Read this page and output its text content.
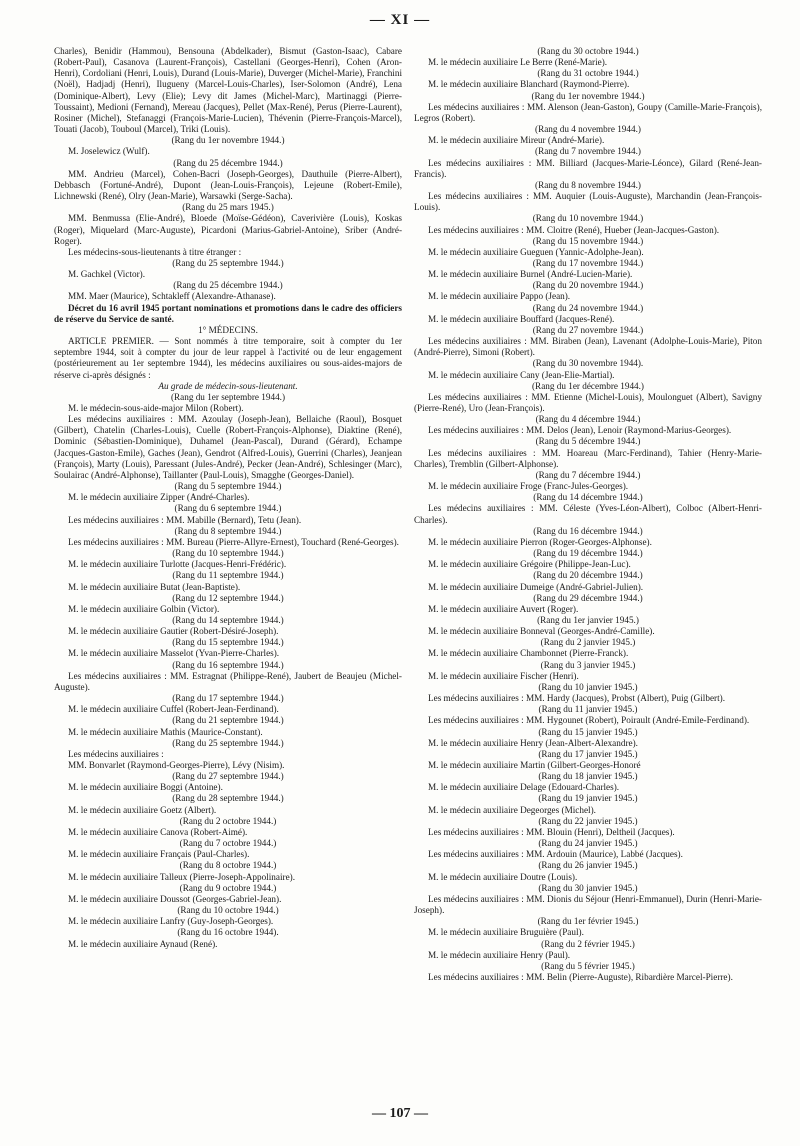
— XI —

Charles), Benidir (Hammou), Bensouna (Abdelkader), Bismut (Gaston-Isaac), Cabare (Robert-Paul), Casanova (Laurent-François), Castellani (Georges-Henri), Cohen (Aron-Henri), Cordoliani (Henri, Louis), Durand (Louis-Marie), Duverger (Michel-Marie), Franchini (Noël), Hadjadj (Henri), Iluguenу (Marcel-Louis-Charles), Iser-Solomon (André), Lena (Dominique-Albert), Levy (Elie); Levy dit James (Michel-Marc), Martinaggi (Pierre-Toussaint), Medioni (Fernand), Mereau (Jacques), Pellet (Max-René), Perus (Pierre-Laurent), Rosiner (Michel), Stefanaggi (François-Marie-Lucien), Thévenin (Pierre-François-Marcel), Touati (Jacob), Touboul (Marcel), Triki (Louis).

(Rang du 1er novembre 1944.)

M. Joselewicz (Wulf).

(Rang du 25 décembre 1944.)

MM. Andrieu (Marcel), Cohen-Bacri (Joseph-Georges), Dauthuile (Pierre-Albert), Debbasch (Fortuné-André), Dupont (Jean-Louis-François), Lejeune (Robert-Emile), Lichnewski (René), Olry (Jean-Marie), Warsawki (Serge-Sacha).

(Rang du 25 mars 1945.)

MM. Benmussa (Elie-André), Bloede (Moïse-Gédéon), Caverivière (Louis), Koskas (Roger), Miquelard (Marc-Auguste), Picardoni (Marius-Gabriel-Antoine), Sriber (André-Roger).

Les médecins-sous-lieutenants à titre étranger :

(Rang du 25 septembre 1944.)

M. Gachkel (Victor).

(Rang du 25 décembre 1944.)

MM. Maer (Maurice), Schtakleff (Alexandre-Athanase).

Décret du 16 avril 1945 portant nominations et promotions dans le cadre des officiers de réserve du Service de santé.

1° MÉDECINS.

ARTICLE PREMIER. — Sont nommés à titre temporaire, soit à compter du 1er septembre 1944, soit à compter du jour de leur rappel à l'activité ou de leur engagement (postérieurement au 1er septembre 1944), les médecins auxiliaires ou sous-aides-majors de réserve ci-après désignés :

Au grade de médecin-sous-lieutenant.

(Rang du 1er septembre 1944.)

M. le médecin-sous-aide-major Milon (Robert).

Les médecins auxiliaires : MM. Azoulay (Joseph-Jean), Bellaiche (Raoul), Bosquet (Gilbert), Chatelin (Charles-Louis), Cuelle (Robert-François-Alphonse), Diaktine (René), Dominic (Sébastien-Dominique), Duhamel (Jean-Pascal), Durand (Gérard), Echampe (Jacques-Gaston-Emile), Gaches (Jean), Gendrot (Alfred-Louis), Guerrini (Charles), Jeanjean (François), Marty (Louis), Paressant (Jules-André), Pecker (Jean-André), Schlesinger (Marc), Soulairac (André-Alphonse), Taillanter (Paul-Louis), Smagghe (Georges-Daniel).

(Rang du 5 septembre 1944.)

M. le médecin auxiliaire Zipper (André-Charles).

(Rang du 6 septembre 1944.)

Les médecins auxiliaires : MM. Mabille (Bernard), Tetu (Jean).

(Rang du 8 septembre 1944.)

Les médecins auxiliaires : MM. Bureau (Pierre-Allyre-Ernest), Touchard (René-Georges).

(Rang du 10 septembre 1944.)

M. le médecin auxiliaire Turlotte (Jacques-Henri-Frédéric).

(Rang du 11 septembre 1944.)

M. le médecin auxiliaire Butat (Jean-Baptiste).

(Rang du 12 septembre 1944.)

M. le médecin auxiliaire Golbin (Victor).

(Rang du 14 septembre 1944.)

M. le médecin auxiliaire Gautier (Robert-Désiré-Joseph).

(Rang du 15 septembre 1944.)

M. le médecin auxiliaire Masselot (Yvan-Pierre-Charles).

(Rang du 16 septembre 1944.)

Les médecins auxiliaires : MM. Estragnat (Philippe-René), Jaubert de Beaujeu (Michel-Auguste).

(Rang du 17 septembre 1944.)

M. le médecin auxiliaire Cuffel (Robert-Jean-Ferdinand).

(Rang du 21 septembre 1944.)

M. le médecin auxiliaire Mathis (Maurice-Constant).

(Rang du 25 septembre 1944.)

Les médecins auxiliaires :

MM. Bonvarlet (Raymond-Georges-Pierre), Lévy (Nisim).

(Rang du 27 septembre 1944.)

M. le médecin auxiliaire Boggi (Antoine).

(Rang du 28 septembre 1944.)

M. le médecin auxiliaire Goetz (Albert).

(Rang du 2 octobre 1944.)

M. le médecin auxiliaire Canova (Robert-Aimé).

(Rang du 7 octobre 1944.)

M. le médecin auxiliaire Français (Paul-Charles).

(Rang du 8 octobre 1944.)

M. le médecin auxiliaire Talleux (Pierre-Joseph-Appolinaire).

(Rang du 9 octobre 1944.)

M. le médecin auxiliaire Doussot (Georges-Gabriel-Jean).

(Rang du 10 octobre 1944.)

M. le médecin auxiliaire Lanfry (Guy-Joseph-Georges).

(Rang du 16 octobre 1944).

M. le médecin auxiliaire Aynaud (René).

(Rang du 30 octobre 1944.)

M. le médecin auxiliaire Le Berre (René-Marie).

(Rang du 31 octobre 1944.)

M. le médecin auxiliaire Blanchard (Raymond-Pierre).

(Rang du 1er novembre 1944.)

Les médecins auxiliaires : MM. Alenson (Jean-Gaston), Goupy (Camille-Marie-François), Legros (Robert).

(Rang du 4 novembre 1944.)

M. le médecin auxiliaire Mireur (André-Marie).

(Rang du 7 novembre 1944.)

Les médecins auxiliaires : MM. Billiard (Jacques-Marie-Léonce), Gilard (René-Jean-Francis).

(Rang du 8 novembre 1944.)

Les médecins auxiliaires : MM. Auquier (Louis-Auguste), Marchandin (Jean-François-Louis).

(Rang du 10 novembre 1944.)

Les médecins auxiliaires : MM. Cloitre (René), Hueber (Jean-Jacques-Gaston).

(Rang du 15 novembre 1944.)

M. le médecin auxiliaire Gueguen (Yannic-Adolphe-Jean).

(Rang du 17 novembre 1944.)

M. le médecin auxiliaire Burnel (André-Lucien-Marie).

(Rang du 20 novembre 1944.)

M. le médecin auxiliaire Pappo (Jean).

(Rang du 24 novembre 1944.)

M. le médecin auxiliaire Bouffard (Jacques-René).

(Rang du 27 novembre 1944.)

Les médecins auxiliaires : MM. Biraben (Jean), Lavenant (Adolphe-Louis-Marie), Piton (André-Pierre), Simoni (Robert).

(Rang du 30 novembre 1944).

M. le médecin auxiliaire Cany (Jean-Elie-Martial).

(Rang du 1er décembre 1944.)

Les médecins auxiliaires : MM. Etienne (Michel-Louis), Moulonguet (Albert), Savigny (Pierre-René), Uro (Jean-François).

(Rang du 4 décembre 1944.)

Les médecins auxiliaires : MM. Delos (Jean), Lenoir (Raymond-Marius-Georges).

(Rang du 5 décembre 1944.)

Les médecins auxiliaires : MM. Hoareau (Marc-Ferdinand), Tahier (Henry-Marie-Charles), Tremblin (Gilbert-Alphonse).

(Rang du 7 décembre 1944.)

M. le médecin auxiliaire Froge (Franc-Jules-Georges).

(Rang du 14 décembre 1944.)

Les médecins auxiliaires : MM. Céleste (Yves-Léon-Albert), Colboc (Albert-Henri-Charles).

(Rang du 16 décembre 1944.)

M. le médecin auxiliaire Pierron (Roger-Georges-Alphonse).

(Rang du 19 décembre 1944.)

M. le médecin auxiliaire Grégoire (Philippe-Jean-Luc).

(Rang du 20 décembre 1944.)

M. le médecin auxiliaire Dumeige (André-Gabriel-Julien).

(Rang du 29 décembre 1944.)

M. le médecin auxiliaire Auvert (Roger).

(Rang du 1er janvier 1945.)

M. le médecin auxiliaire Bonneval (Georges-André-Camille).

(Rang du 2 janvier 1945.)

M. le médecin auxiliaire Chambonnet (Pierre-Franck).

(Rang du 3 janvier 1945.)

M. le médecin auxiliaire Fischer (Henri).

(Rang du 10 janvier 1945.)

Les médecins auxiliaires : MM. Hardy (Jacques), Probst (Albert), Puig (Gilbert).

(Rang du 11 janvier 1945.)

Les médecins auxiliaires : MM. Hygounet (Robert), Poirault (André-Emile-Ferdinand).

(Rang du 15 janvier 1945.)

M. le médecin auxiliaire Henry (Jean-Albert-Alexandre).

(Rang du 17 janvier 1945.)

M. le médecin auxiliaire Martin (Gilbert-Georges-Honoré

(Rang du 18 janvier 1945.)

M. le médecin auxiliaire Delage (Edouard-Charles).

(Rang du 19 janvier 1945.)

M. le médecin auxiliaire Degeorges (Michel).

(Rang du 22 janvier 1945.)

Les médecins auxiliaires : MM. Blouin (Henri), Deltheil (Jacques).

(Rang du 24 janvier 1945.)

Les médecins auxiliaires : MM. Ardouin (Maurice), Labbé (Jacques).

(Rang du 26 janvier 1945.)

M. le médecin auxiliaire Doutre (Louis).

(Rang du 30 janvier 1945.)

Les médecins auxiliaires : MM. Dionis du Séjour (Henri-Emmanuel), Durin (Henri-Marie-Joseph).

(Rang du 1er février 1945.)

M. le médecin auxiliaire Bruguière (Paul).

(Rang du 2 février 1945.)

M. le médecin auxiliaire Henry (Paul).

(Rang du 5 février 1945.)

Les médecins auxiliaires : MM. Belin (Pierre-Auguste), Ribardière Marcel-Pierre).

— 107 —
